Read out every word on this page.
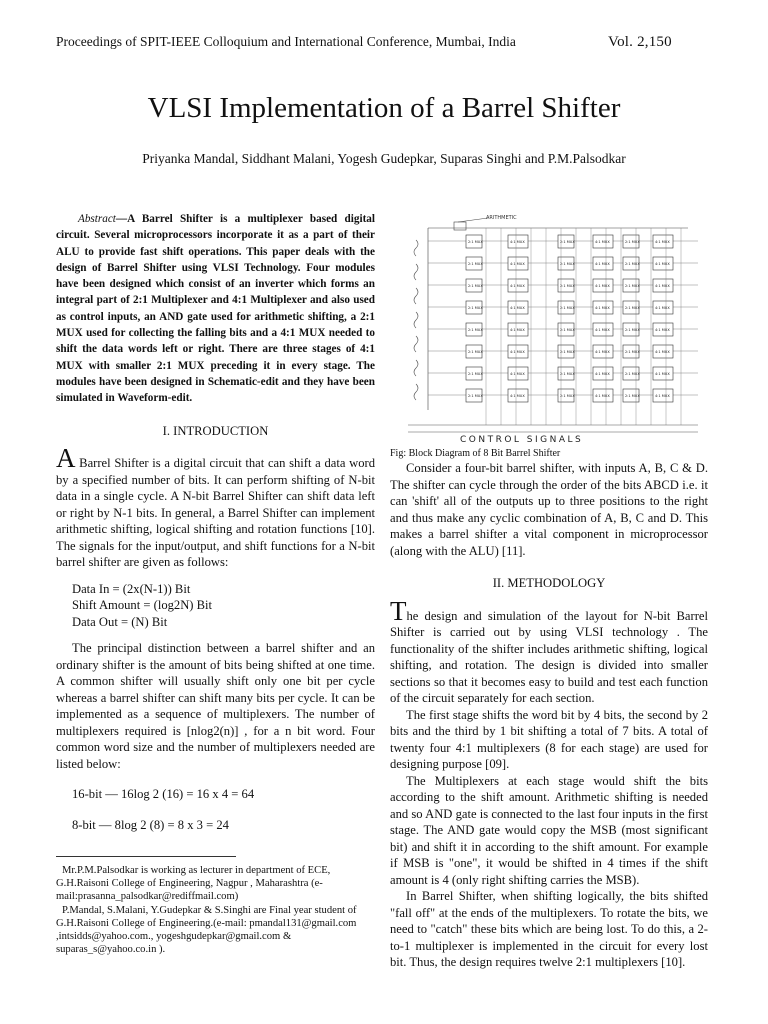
Proceedings of SPIT-IEEE Colloquium and International Conference, Mumbai, India	Vol. 2,150
VLSI Implementation of a Barrel Shifter
Priyanka Mandal, Siddhant Malani, Yogesh Gudepkar, Suparas Singhi and P.M.Palsodkar

Abstract—A Barrel Shifter is a multiplexer based digital circuit. Several microprocessors incorporate it as a part of their ALU to provide fast shift operations. This paper deals with the design of Barrel Shifter using VLSI Technology. Four modules have been designed which consist of an inverter which forms an integral part of 2:1 Multiplexer and 4:1 Multiplexer and also used as control inputs, an AND gate used for arithmetic shifting, a 2:1 MUX used for collecting the falling bits and a 4:1 MUX needed to shift the data words left or right. There are three stages of 4:1 MUX with smaller 2:1 MUX preceding it in every stage. The modules have been designed in Schematic-edit and they have been simulated in Waveform-edit.

I. INTRODUCTION

A Barrel Shifter is a digital circuit that can shift a data word by a specified number of bits. It can perform shifting of N-bit data in a single cycle. A N-bit Barrel Shifter can shift data left or right by N-1 bits. In general, a Barrel Shifter can implement arithmetic shifting, logical shifting and rotation functions [10]. The signals for the input/output, and shift functions for a N-bit barrel shifter are given as follows:

Data In = (2x(N-1)) Bit
Shift Amount = (log2N) Bit
Data Out = (N) Bit

The principal distinction between a barrel shifter and an ordinary shifter is the amount of bits being shifted at one time. A common shifter will usually shift only one bit per cycle whereas a barrel shifter can shift many bits per cycle. It can be implemented as a sequence of multiplexers. The number of multiplexers required is [nlog2(n)] , for a n bit word. Four common word size and the number of multiplexers needed are listed below:

16-bit — 16log 2 (16) = 16 x 4 = 64
8-bit — 8log 2 (8) = 8 x 3 = 24

Mr.P.M.Palsodkar is working as lecturer in department of ECE, G.H.Raisoni College of Engineering, Nagpur , Maharashtra (e-mail:prasanna_palsodkar@rediffmail.com)

P.Mandal, S.Malani, Y.Gudepkar & S.Singhi are Final year student of G.H.Raisoni College of Engineering.(e-mail: pmandal131@gmail.com ,intsidds@yahoo.com., yogeshgudepkar@gmail.com & suparas_s@yahoo.co.in ).

ARITHMETIC
2:1 MUX	4:1 MUX	2:1 MUX	4:1 MUX	2:1 MUX	4:1 MUX
2:1 MUX	4:1 MUX	2:1 MUX	4:1 MUX	2:1 MUX	4:1 MUX
2:1 MUX	4:1 MUX	2:1 MUX	4:1 MUX	2:1 MUX	4:1 MUX
2:1 MUX	4:1 MUX	2:1 MUX	4:1 MUX	2:1 MUX	4:1 MUX
2:1 MUX	4:1 MUX	2:1 MUX	4:1 MUX	2:1 MUX	4:1 MUX
2:1 MUX	4:1 MUX	2:1 MUX	4:1 MUX	2:1 MUX	4:1 MUX
2:1 MUX	4:1 MUX	2:1 MUX	4:1 MUX	2:1 MUX	4:1 MUX
2:1 MUX	4:1 MUX	2:1 MUX	4:1 MUX	2:1 MUX	4:1 MUX
CONTROL SIGNALS
Fig: Block Diagram of 8 Bit Barrel Shifter

Consider a four-bit barrel shifter, with inputs A, B, C & D. The shifter can cycle through the order of the bits ABCD i.e. it can 'shift' all of the outputs up to three positions to the right and thus make any cyclic combination of A, B, C and D. This makes a barrel shifter a vital component in microprocessor (along with the ALU) [11].

II. METHODOLOGY

The design and simulation of the layout for N-bit Barrel Shifter is carried out by using VLSI technology . The functionality of the shifter includes arithmetic shifting, logical shifting, and rotation. The design is divided into smaller sections so that it becomes easy to build and test each function of the circuit separately for each section.

The first stage shifts the word bit by 4 bits, the second by 2 bits and the third by 1 bit shifting a total of 7 bits. A total of twenty four 4:1 multiplexers (8 for each stage) are used for designing purpose [09].

The Multiplexers at each stage would shift the bits according to the shift amount. Arithmetic shifting is needed and so AND gate is connected to the last four inputs in the first stage. The AND gate would copy the MSB (most significant bit) and shift it in according to the shift amount. For example if MSB is "one", it would be shifted in 4 times if the shift amount is 4 (only right shifting carries the MSB).

In Barrel Shifter, when shifting logically, the bits shifted "fall off" at the ends of the multiplexers. To rotate the bits, we need to "catch" these bits which are being lost. To do this, a 2-to-1 multiplexer is implemented in the circuit for every lost bit. Thus, the design requires twelve 2:1 multiplexers [10].
